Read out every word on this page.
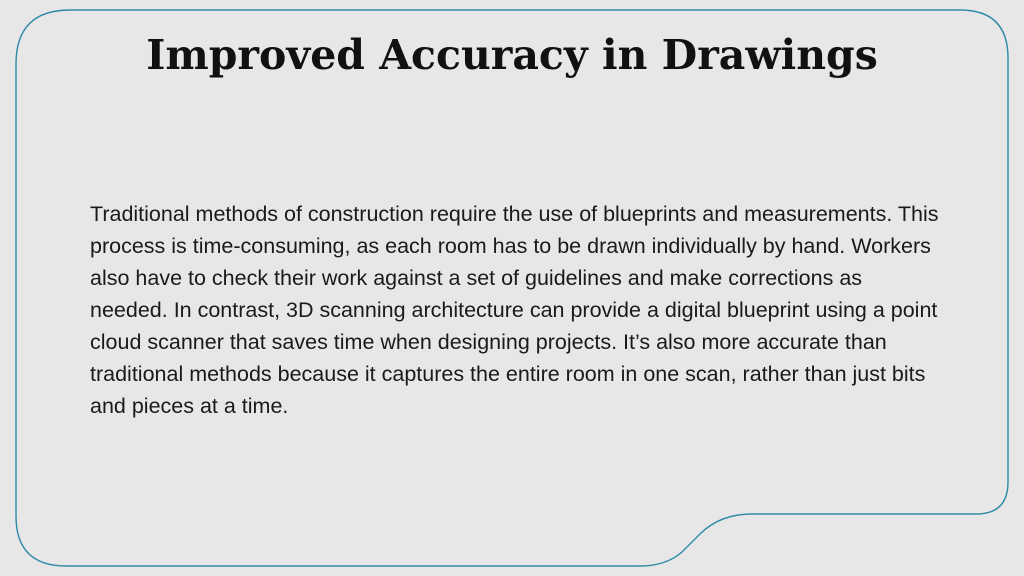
Improved Accuracy in Drawings

Traditional methods of construction require the use of blueprints and measurements. This process is time-consuming, as each room has to be drawn individually by hand. Workers also have to check their work against a set of guidelines and make corrections as needed. In contrast, 3D scanning architecture can provide a digital blueprint using a point cloud scanner that saves time when designing projects. It’s also more accurate than traditional methods because it captures the entire room in one scan, rather than just bits and pieces at a time.
